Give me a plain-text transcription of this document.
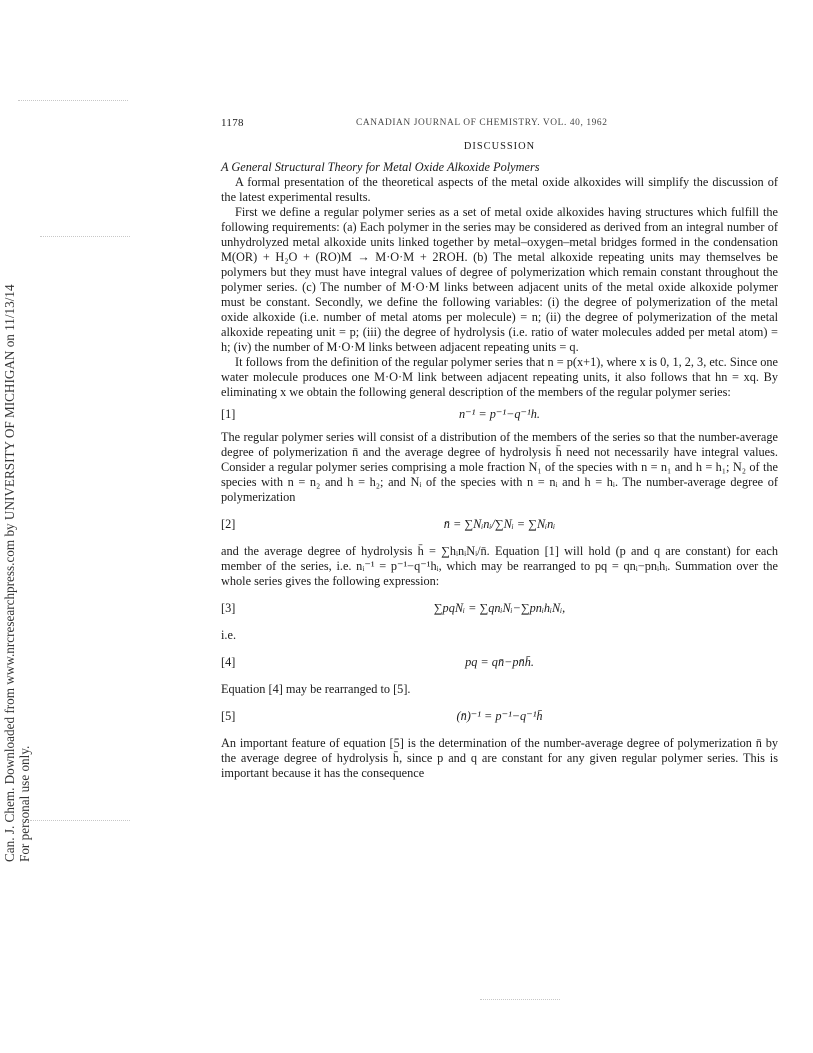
Can. J. Chem. Downloaded from www.nrcresearchpress.com by UNIVERSITY OF MICHIGAN on 11/13/14 For personal use only.
1178	CANADIAN JOURNAL OF CHEMISTRY. VOL. 40, 1962
DISCUSSION

A General Structural Theory for Metal Oxide Alkoxide Polymers

A formal presentation of the theoretical aspects of the metal oxide alkoxides will simplify the discussion of the latest experimental results.

First we define a regular polymer series as a set of metal oxide alkoxides having structures which fulfill the following requirements: (a) Each polymer in the series may be considered as derived from an integral number of unhydrolyzed metal alkoxide units linked together by metal–oxygen–metal bridges formed in the condensation M(OR) + H₂O + (RO)M → M·O·M + 2ROH. (b) The metal alkoxide repeating units may themselves be polymers but they must have integral values of degree of polymerization which remain constant throughout the polymer series. (c) The number of M·O·M links between adjacent units of the metal oxide alkoxide polymer must be constant. Secondly, we define the following variables: (i) the degree of polymerization of the metal oxide alkoxide (i.e. number of metal atoms per molecule) = n; (ii) the degree of polymerization of the metal alkoxide repeating unit = p; (iii) the degree of hydrolysis (i.e. ratio of water molecules added per metal atom) = h; (iv) the number of M·O·M links between adjacent repeating units = q.

It follows from the definition of the regular polymer series that n = p(x+1), where x is 0, 1, 2, 3, etc. Since one water molecule produces one M·O·M link between adjacent repeating units, it also follows that hn = xq. By eliminating x we obtain the following general description of the members of the regular polymer series:

[1]	n⁻¹ = p⁻¹−q⁻¹h.

The regular polymer series will consist of a distribution of the members of the series so that the number-average degree of polymerization n̄ and the average degree of hydrolysis h̄ need not necessarily have integral values. Consider a regular polymer series comprising a mole fraction N₁ of the species with n = n₁ and h = h₁; N₂ of the species with n = n₂ and h = h₂; and Nᵢ of the species with n = nᵢ and h = hᵢ. The number-average degree of polymerization

[2]	n̄ = ∑Nᵢnᵢ/∑Nᵢ = ∑Nᵢnᵢ

and the average degree of hydrolysis h̄ = ∑hᵢnᵢNᵢ/n̄. Equation [1] will hold (p and q are constant) for each member of the series, i.e. nᵢ⁻¹ = p⁻¹−q⁻¹hᵢ, which may be rearranged to pq = qnᵢ−pnᵢhᵢ. Summation over the whole series gives the following expression:

[3]	∑pqNᵢ = ∑qnᵢNᵢ−∑pnᵢhᵢNᵢ,

i.e.

[4]	pq = qn̄−pn̄h̄.

Equation [4] may be rearranged to [5].

[5]	(n̄)⁻¹ = p⁻¹−q⁻¹h̄

An important feature of equation [5] is the determination of the number-average degree of polymerization n̄ by the average degree of hydrolysis h̄, since p and q are constant for any given regular polymer series. This is important because it has the consequence
